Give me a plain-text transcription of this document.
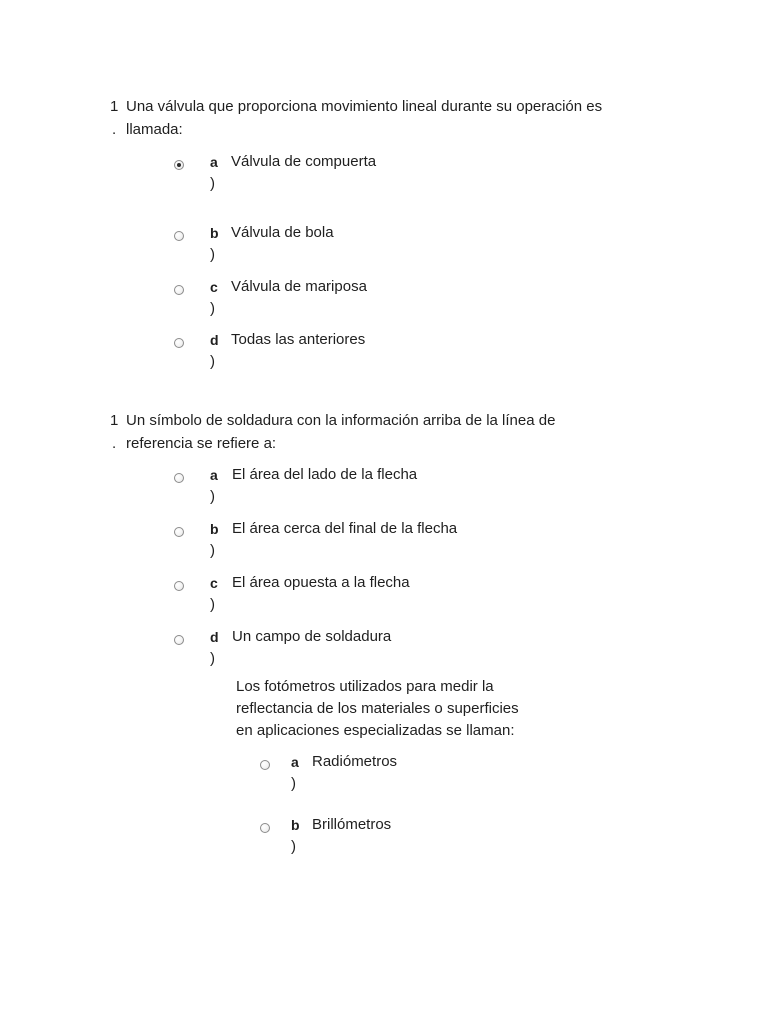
1
.
Una válvula que proporciona movimiento lineal durante su operación es
llamada:
a
)
Válvula de compuerta
b
)
Válvula de bola
c
)
Válvula de mariposa
d
)
Todas las anteriores
1
.
Un símbolo de soldadura con la información arriba de la línea de
referencia se refiere a:
a
)
El área del lado de la flecha
b
)
El área cerca del final de la flecha
c
)
El área opuesta a la flecha
d
)
Un campo de soldadura
Los fotómetros utilizados para medir la
reflectancia de los materiales o superficies
en aplicaciones especializadas se llaman:
a
)
Radiómetros
b
)
Brillómetros
